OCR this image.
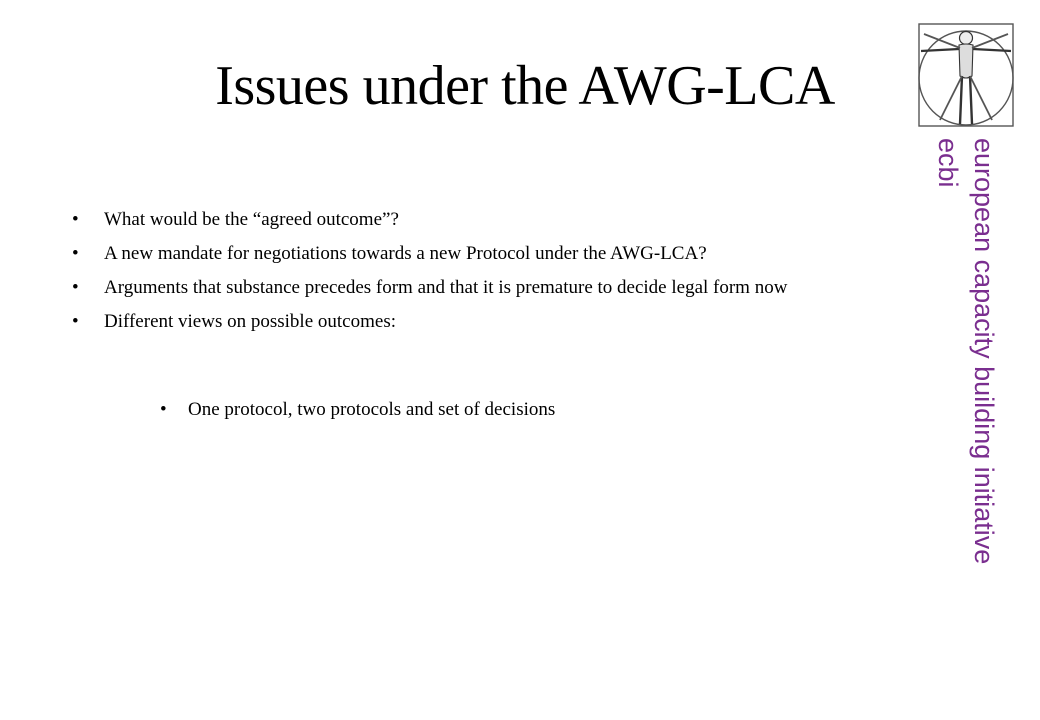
Issues under the AWG-LCA
• What would be the “agreed outcome”?
• A new mandate for negotiations towards a new Protocol under the AWG-LCA?
• Arguments that substance precedes form and that it is premature to decide legal form now
• Different views on possible outcomes:
• One protocol, two protocols and set of decisions	european capacity building initiative
ecbi
